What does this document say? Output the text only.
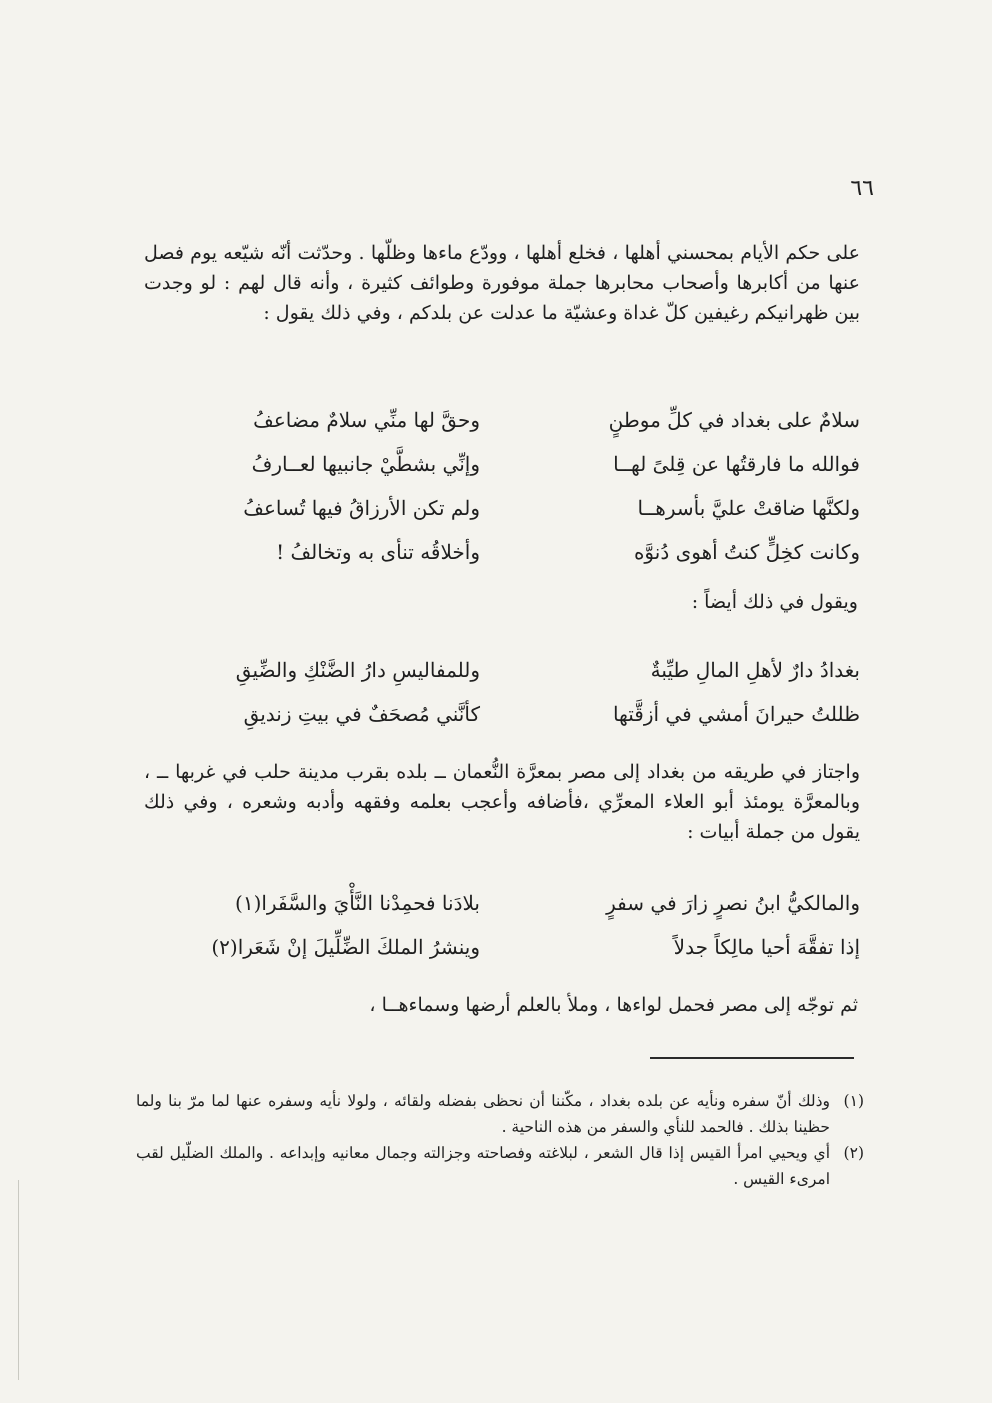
٦٦

على حكم الأيام بمحسني أهلها ، فخلع أهلها ، وودّع ماءها وظلّها . وحدّثت أنّه شيّعه يوم فصل عنها من أكابرها وأصحاب محابرها جملة موفورة وطوائف كثيرة ، وأنه قال لهم : لو وجدت بين ظهرانيكم رغيفين كلّ غداة وعشيّة ما عدلت عن بلدكم ، وفي ذلك يقول :

سلامٌ على بغداد في كلِّ موطنٍ
وحقَّ لها منِّي سلامٌ مضاعفُ
فوالله ما فارقتُها عن قِلىً لهــا
وإنِّي بشطَّيْ جانبيها لعــارفُ
ولكنَّها ضاقتْ عليَّ بأسرهــا
ولم تكن الأرزاقُ فيها تُساعفُ
وكانت كخِلٍّ كنتُ أهوى دُنوَّه
وأخلاقُه تنأى به وتخالفُ !
ويقول في ذلك أيضاً :
بغدادُ دارٌ لأهلِ المالِ طيِّبةٌ
وللمفاليسِ دارُ الضَّنْكِ والضِّيقِ
ظللتُ حيرانَ أمشي في أزقَّتها
كأنَّني مُصحَفٌ في بيتِ زنديقِ

واجتاز في طريقه من بغداد إلى مصر بمعرَّة النُّعمان ــ بلده بقرب مدينة حلب في غربها ــ ، وبالمعرَّة يومئذ أبو العلاء المعرِّي ،فأضافه وأعجب بعلمه وفقهه وأدبه وشعره ، وفي ذلك يقول من جملة أبيات :

والمالكيُّ ابنُ نصرٍ زارَ في سفرٍ
بلادَنا فحمِدْنا النَّأْيَ والسَّفَرا(١)
إذا تفقَّهَ أحيا مالِكاً جدلاً
وينشرُ الملكَ الضِّلِّيلَ إنْ شَعَرا(٢)
ثم توجّه إلى مصر فحمل لواءها ، وملأ بالعلم أرضها وسماءهــا ،
(١)
وذلك أنّ سفره ونأيه عن بلده بغداد ، مكّننا أن نحظى بفضله ولقائه ، ولولا نأيه وسفره عنها لما مرّ بنا ولما حظينا بذلك . فالحمد للنأي والسفر من هذه الناحية .
(٢)
أي ويحيي امرأ القيس إذا قال الشعر ، لبلاغته وفصاحته وجزالته وجمال معانيه وإبداعه . والملك الضلّيل لقب امرىء القيس .
